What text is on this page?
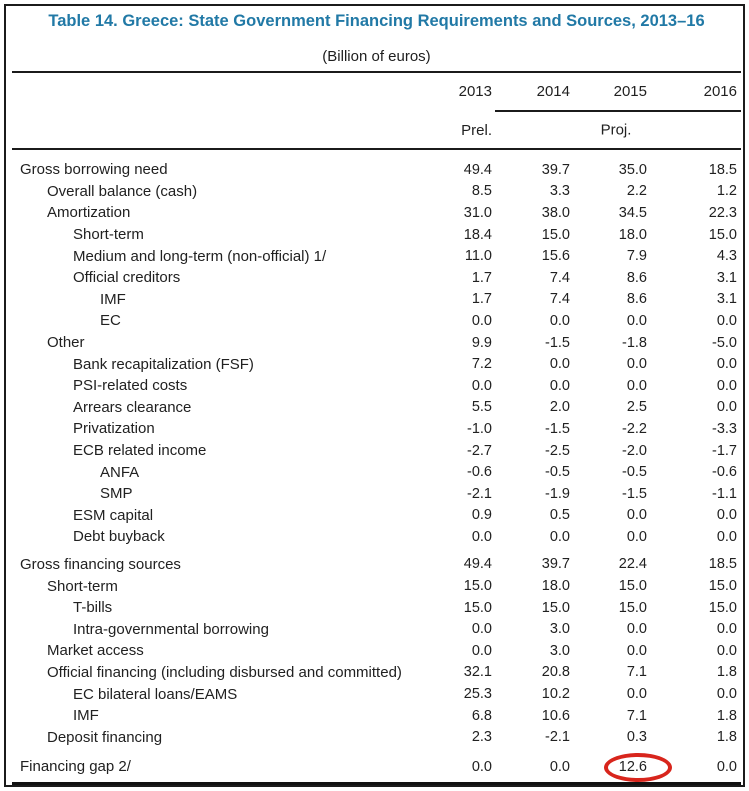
Table 14. Greece: State Government Financing Requirements and Sources, 2013–16
(Billion of euros)
2013	2014	2015	2016
Prel.	Proj.
Gross borrowing need	49.4	39.7	35.0	18.5
Overall balance (cash)	8.5	3.3	2.2	1.2
Amortization	31.0	38.0	34.5	22.3
Short-term	18.4	15.0	18.0	15.0
Medium and long-term (non-official) 1/	11.0	15.6	7.9	4.3
Official creditors	1.7	7.4	8.6	3.1
IMF	1.7	7.4	8.6	3.1
EC	0.0	0.0	0.0	0.0
Other	9.9	-1.5	-1.8	-5.0
Bank recapitalization (FSF)	7.2	0.0	0.0	0.0
PSI-related costs	0.0	0.0	0.0	0.0
Arrears clearance	5.5	2.0	2.5	0.0
Privatization	-1.0	-1.5	-2.2	-3.3
ECB related income	-2.7	-2.5	-2.0	-1.7
ANFA	-0.6	-0.5	-0.5	-0.6
SMP	-2.1	-1.9	-1.5	-1.1
ESM capital	0.9	0.5	0.0	0.0
Debt buyback	0.0	0.0	0.0	0.0
Gross financing sources	49.4	39.7	22.4	18.5
Short-term	15.0	18.0	15.0	15.0
T-bills	15.0	15.0	15.0	15.0
Intra-governmental borrowing	0.0	3.0	0.0	0.0
Market access	0.0	3.0	0.0	0.0
Official financing (including disbursed and committed)	32.1	20.8	7.1	1.8
EC bilateral loans/EAMS	25.3	10.2	0.0	0.0
IMF	6.8	10.6	7.1	1.8
Deposit financing	2.3	-2.1	0.3	1.8
Financing gap 2/	0.0	0.0	12.6	0.0
